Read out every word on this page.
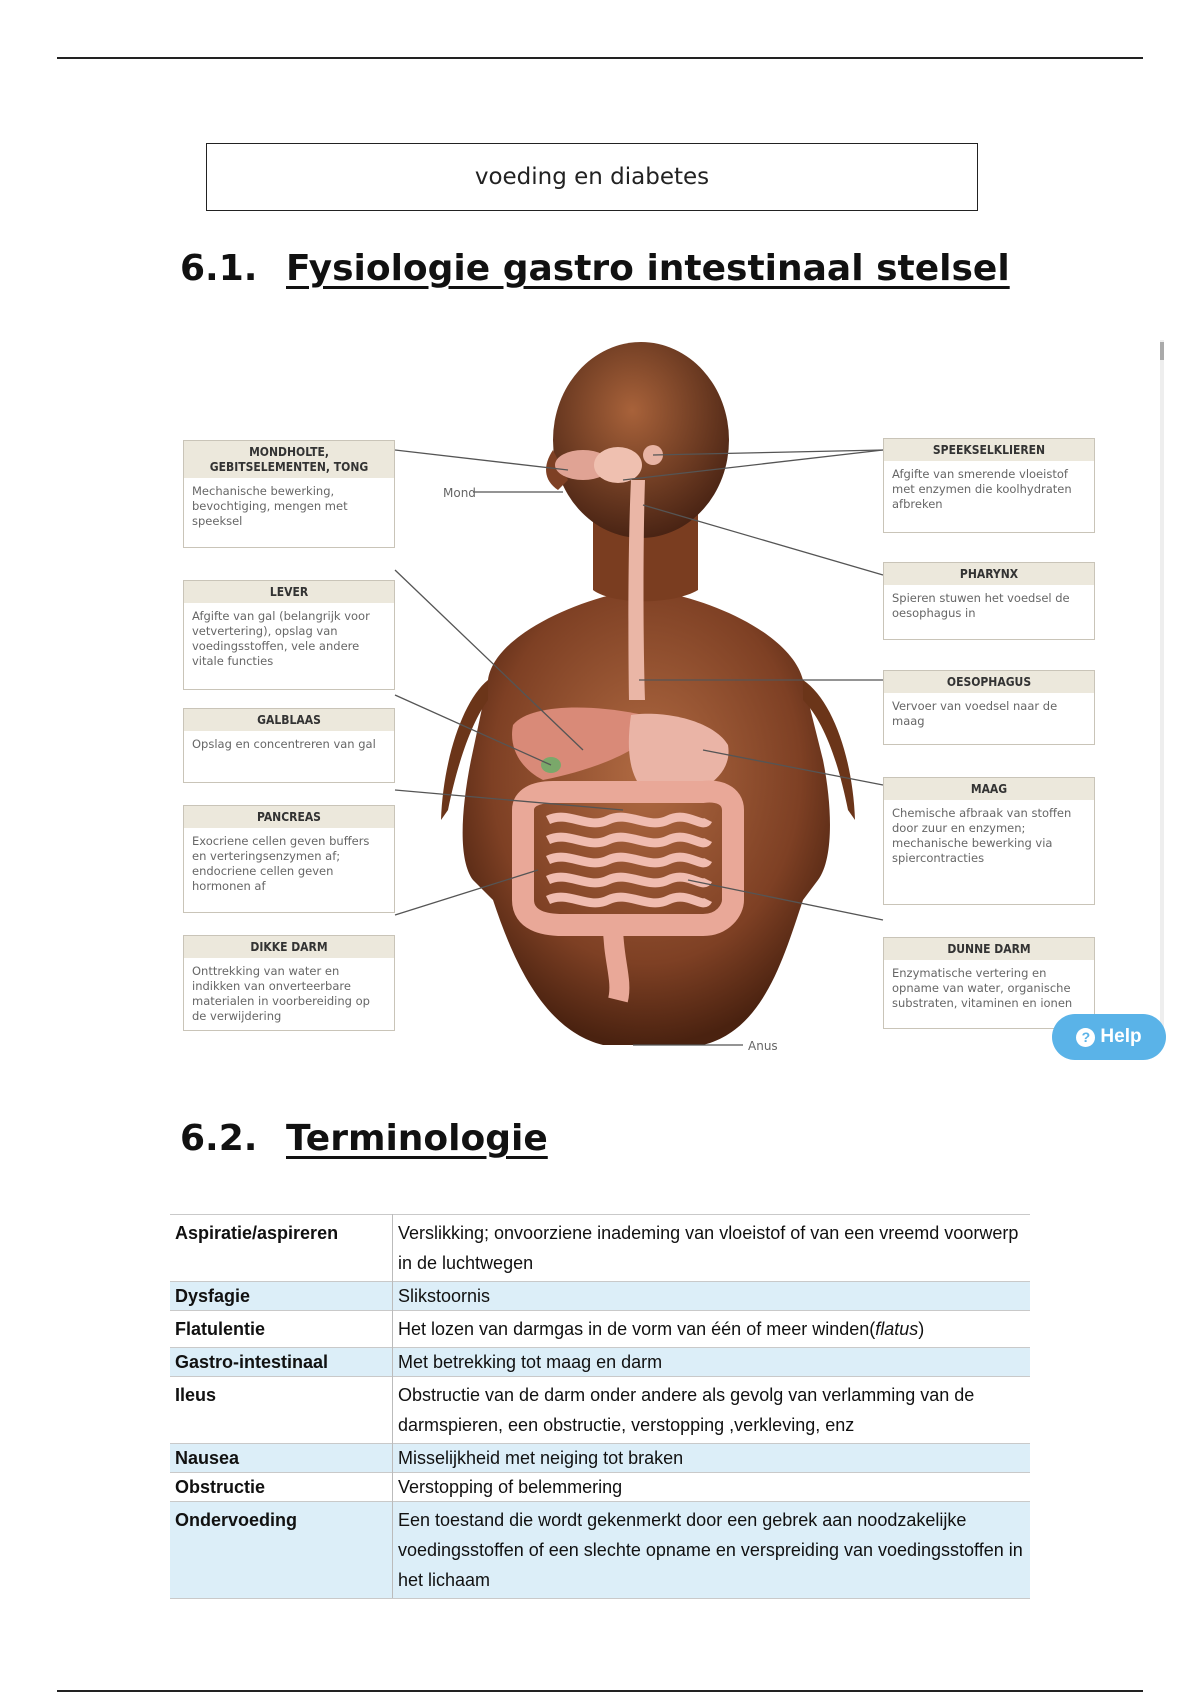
voeding en diabetes
6.1. Fysiologie gastro intestinaal stelsel
Mond
Anus
MONDHOLTE,
GEBITSELEMENTEN, TONG
Mechanische bewerking, bevochtiging, mengen met speeksel
LEVER
Afgifte van gal (belangrijk voor vetvertering), opslag van voedingsstoffen, vele andere vitale functies
GALBLAAS
Opslag en concentreren van gal
PANCREAS
Exocriene cellen geven buffers en verteringsenzymen af; endocriene cellen geven hormonen af
DIKKE DARM
Onttrekking van water en indikken van onverteerbare materialen in voorbereiding op de verwijdering
SPEEKSELKLIEREN
Afgifte van smerende vloeistof met enzymen die koolhydraten afbreken
PHARYNX
Spieren stuwen het voedsel de oesophagus in
OESOPHAGUS
Vervoer van voedsel naar de maag
MAAG
Chemische afbraak van stoffen door zuur en enzymen; mechanische bewerking via spiercontracties
DUNNE DARM
Enzymatische vertering en opname van water, organische substraten, vitaminen en ionen
? Help
6.2. Terminologie
Aspiratie/aspireren	Verslikking; onvoorziene inademing van vloeistof of van een vreemd voorwerp in de luchtwegen
Dysfagie	Slikstoornis
Flatulentie	Het lozen van darmgas in de vorm van één of meer winden(flatus)
Gastro-intestinaal	Met betrekking tot maag en darm
Ileus	Obstructie van de darm onder andere als gevolg van verlamming van de darmspieren, een obstructie, verstopping ,verkleving, enz
Nausea	Misselijkheid met neiging tot braken
Obstructie	Verstopping of belemmering
Ondervoeding	Een toestand die wordt gekenmerkt door een gebrek aan noodzakelijke voedingsstoffen of een slechte opname en verspreiding van voedingsstoffen in het lichaam
